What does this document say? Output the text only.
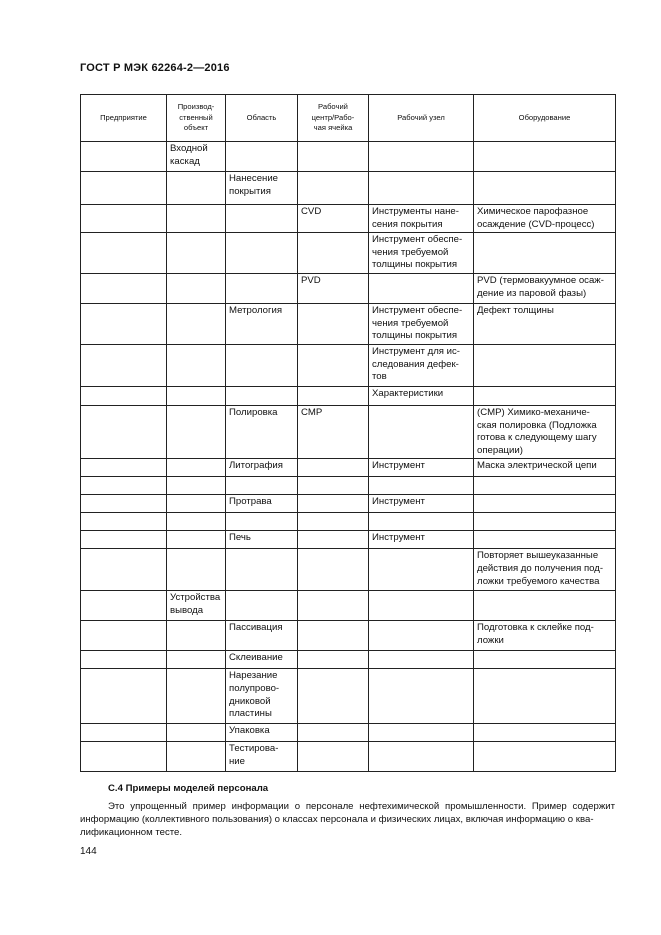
ГОСТ Р МЭК 62264-2—2016
Предприятие	Производ-
ственный
объект	Область	Рабочий
центр/Рабо-
чая ячейка	Рабочий узел	Оборудование

	Входной
каскад				

		Нанесение
покрытия			

			CVD	Инструменты нане-
сения покрытия	Химическое парофазное
осаждение (CVD-процесс)

				Инструмент обеспе-
чения требуемой
толщины покрытия	

			PVD		PVD (термовакуумное осаж-
дение из паровой фазы)

		Метрология		Инструмент обеспе-
чения требуемой
толщины покрытия	Дефект толщины

				Инструмент для ис-
следования дефек-
тов	

				Характеристики	

		Полировка	CMP		(CMP) Химико-механиче-
ская полировка (Подложка
готова к следующему шагу
операции)

		Литография		Инструмент	Маска электрической цепи

		Протрава		Инструмент	

		Печь		Инструмент	

					Повторяет вышеуказанные
действия до получения под-
ложки требуемого качества

	Устройства
вывода				

		Пассивация			Подготовка к склейке под-
ложки

		Склеивание			

		Нарезание
полупрово-
дниковой
пластины			

		Упаковка			

		Тестирова-
ние			

С.4 Примеры моделей персонала
Это упрощенный пример информации о персонале нефтехимической промышленности. Пример содержит
информацию (коллективного пользования) о классах персонала и физических лицах, включая информацию о ква-
лификационном тесте.
144
